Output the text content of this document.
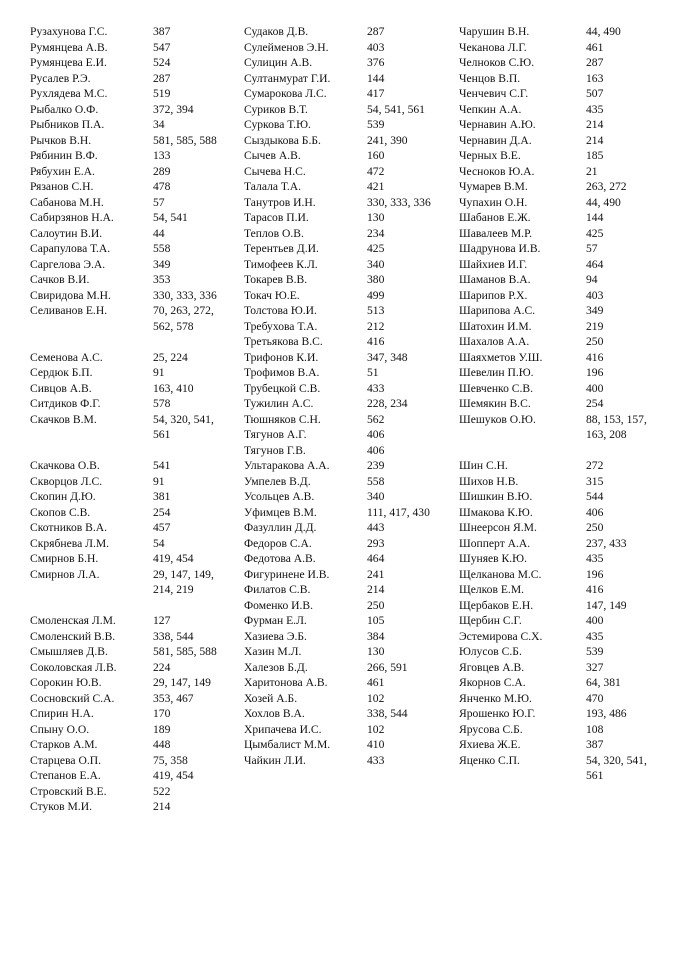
Рузахунова Г.С.	387
Румянцева А.В.	547
Румянцева Е.И.	524
Русалев Р.Э.	287
Рухлядева М.С.	519
Рыбалко О.Ф.	372, 394
Рыбников П.А.	34
Рычков В.Н.	581, 585, 588
Рябинин В.Ф.	133
Рябухин Е.А.	289
Рязанов С.Н.	478
Сабанова М.Н.	57
Сабирзянов Н.А.	54, 541
Салоутин В.И.	44
Сарапулова Т.А.	558
Саргелова Э.А.	349
Сачков В.И.	353
Свиридова М.Н.	330, 333, 336
Селиванов Е.Н.	70, 263, 272, 562, 578
Семенова А.С.	25, 224
Сердюк Б.П.	91
Сивцов А.В.	163, 410
Ситдиков Ф.Г.	578
Скачков В.М.	54, 320, 541, 561
Скачкова О.В.	541
Скворцов Л.С.	91
Скопин Д.Ю.	381
Скопов С.В.	254
Скотников В.А.	457
Скрябнева Л.М.	54
Смирнов Б.Н.	419, 454
Смирнов Л.А.	29, 147, 149, 214, 219
Смоленская Л.М.	127
Смоленский В.В.	338, 544
Смышляев Д.В.	581, 585, 588
Соколовская Л.В.	224
Сорокин Ю.В.	29, 147, 149
Сосновский С.А.	353, 467
Спирин Н.А.	170
Спыну О.О.	189
Старков А.М.	448
Старцева О.П.	75, 358
Степанов Е.А.	419, 454
Стровский В.Е.	522
Стуков М.И.	214
Судаков Д.В.	287
Сулейменов Э.Н.	403
Сулицин А.В.	376
Султанмурат Г.И.	144
Сумарокова Л.С.	417
Суриков В.Т.	54, 541, 561
Суркова Т.Ю.	539
Сыздыкова Б.Б.	241, 390
Сычев А.В.	160
Сычева Н.С.	472
Талала Т.А.	421
Танутров И.Н.	330, 333, 336
Тарасов П.И.	130
Теплов О.В.	234
Терентьев Д.И.	425
Тимофеев К.Л.	340
Токарев В.В.	380
Токач Ю.Е.	499
Толстова Ю.И.	513
Требухова Т.А.	212
Третьякова В.С.	416
Трифонов К.И.	347, 348
Трофимов В.А.	51
Трубецкой С.В.	433
Тужилин А.С.	228, 234
Тюшняков С.Н.	562
Тягунов А.Г.	406
Тягунов Г.В.	406
Ультаракова А.А.	239
Умпелев В.Д.	558
Усольцев А.В.	340
Уфимцев В.М.	111, 417, 430
Фазуллин Д.Д.	443
Федоров С.А.	293
Федотова А.В.	464
Фигуринене И.В.	241
Филатов С.В.	214
Фоменко И.В.	250
Фурман Е.Л.	105
Хазиева Э.Б.	384
Хазин М.Л.	130
Халезов Б.Д.	266, 591
Харитонова А.В.	461
Хозей А.Б.	102
Хохлов В.А.	338, 544
Хрипачева И.С.	102
Цымбалист М.М.	410
Чайкин Л.И.	433
Чарушин В.Н.	44, 490
Чеканова Л.Г.	461
Челноков С.Ю.	287
Ченцов В.П.	163
Ченчевич С.Г.	507
Чепкин А.А.	435
Чернавин А.Ю.	214
Чернавин Д.А.	214
Черных В.Е.	185
Чесноков Ю.А.	21
Чумарев В.М.	263, 272
Чупахин О.Н.	44, 490
Шабанов Е.Ж.	144
Шавалеев М.Р.	425
Шадрунова И.В.	57
Шайхиев И.Г.	464
Шаманов В.А.	94
Шарипов Р.Х.	403
Шарипова А.С.	349
Шатохин И.М.	219
Шахалов А.А.	250
Шаяхметов У.Ш.	416
Шевелин П.Ю.	196
Шевченко С.В.	400
Шемякин В.С.	254
Шешуков О.Ю.	88, 153, 157, 163, 208
Шин С.Н.	272
Шихов Н.В.	315
Шишкин В.Ю.	544
Шмакова К.Ю.	406
Шнеерсон Я.М.	250
Шопперт А.А.	237, 433
Шуняев К.Ю.	435
Щелканова М.С.	196
Щелков Е.М.	416
Щербаков Е.Н.	147, 149
Щербин С.Г.	400
Эстемирова С.Х.	435
Юлусов С.Б.	539
Яговцев А.В.	327
Якорнов С.А.	64, 381
Янченко М.Ю.	470
Ярошенко Ю.Г.	193, 486
Ярусова С.Б.	108
Яхиева Ж.Е.	387
Яценко С.П.	54, 320, 541, 561
